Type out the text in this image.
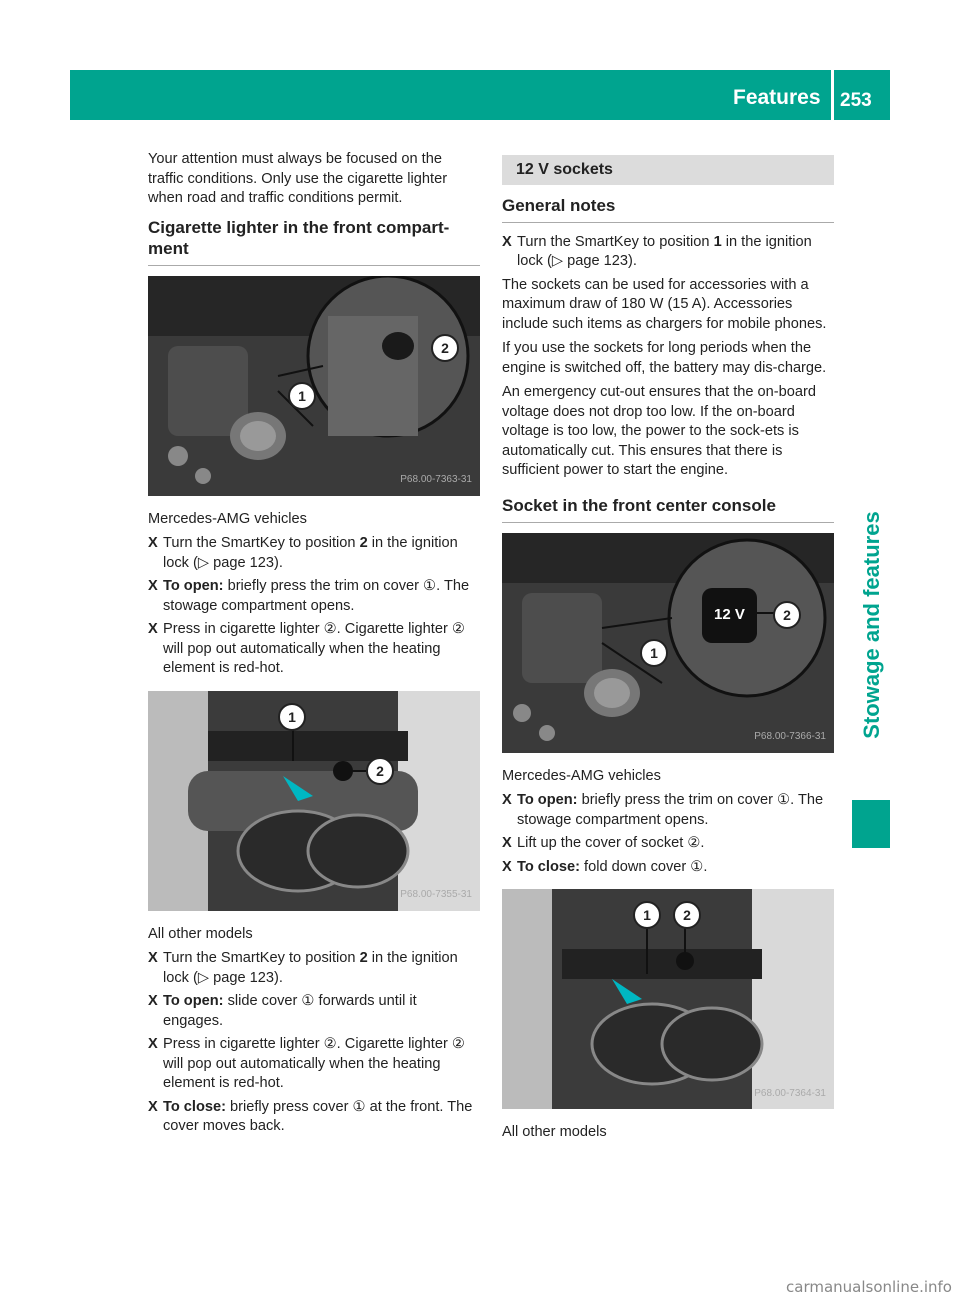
Features 253
Stowage and features

Your attention must always be focused on the traffic conditions. Only use the cigarette lighter when road and traffic conditions permit.

Cigarette lighter in the front compart-ment
1
2
P68.00-7363-31

Mercedes-AMG vehicles

X Turn the SmartKey to position 2 in the ignition lock (▷ page 123).
X To open: briefly press the trim on cover ①. The stowage compartment opens.
X Press in cigarette lighter ②. Cigarette lighter ② will pop out automatically when the heating element is red-hot.
1
2
P68.00-7355-31

All other models

X Turn the SmartKey to position 2 in the ignition lock (▷ page 123).
X To open: slide cover ① forwards until it engages.
X Press in cigarette lighter ②. Cigarette lighter ② will pop out automatically when the heating element is red-hot.
X To close: briefly press cover ① at the front. The cover moves back.
12 V sockets
General notes
X Turn the SmartKey to position 1 in the ignition lock (▷ page 123).

The sockets can be used for accessories with a maximum draw of 180 W (15 A). Accessories include such items as chargers for mobile phones.

If you use the sockets for long periods when the engine is switched off, the battery may dis-charge.

An emergency cut-out ensures that the on-board voltage does not drop too low. If the on-board voltage is too low, the power to the sock-ets is automatically cut. This ensures that there is sufficient power to start the engine.

Socket in the front center console
12 V
1
2
P68.00-7366-31

Mercedes-AMG vehicles

X To open: briefly press the trim on cover ①. The stowage compartment opens.
X Lift up the cover of socket ②.
X To close: fold down cover ①.
1	2
P68.00-7364-31

All other models

carmanualsonline.info
